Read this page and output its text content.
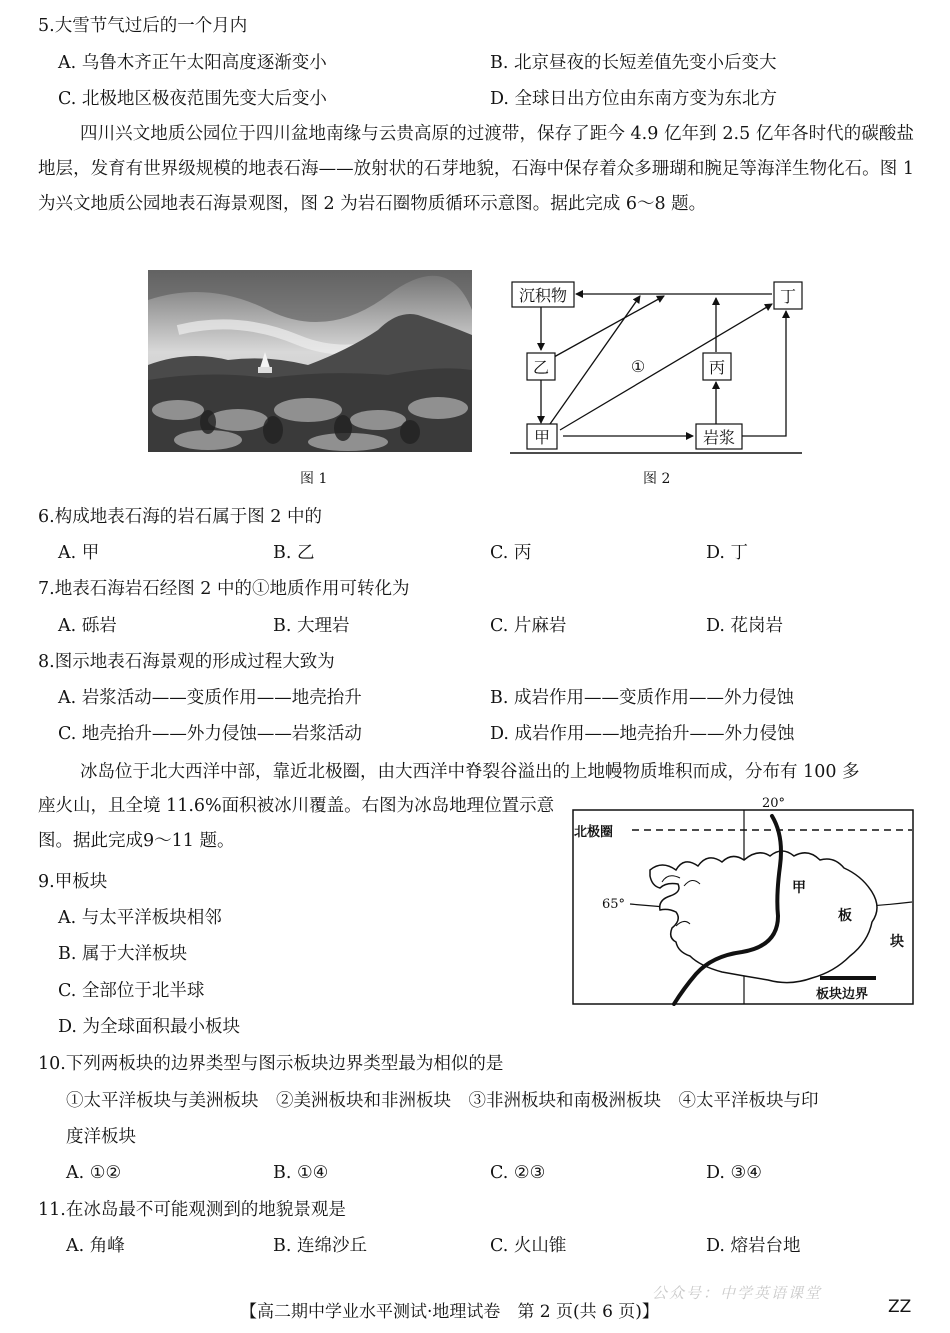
5.大雪节气过后的一个月内
A. 乌鲁木齐正午太阳高度逐渐变小	B. 北京昼夜的长短差值先变小后变大
C. 北极地区极夜范围先变大后变小	D. 全球日出方位由东南方变为东北方
四川兴文地质公园位于四川盆地南缘与云贵高原的过渡带，保存了距今 4.9 亿年到 2.5 亿年各时代的碳酸盐地层，发育有世界级规模的地表石海——放射状的石芽地貌，石海中保存着众多珊瑚和腕足等海洋生物化石。图 1 为兴文地质公园地表石海景观图，图 2 为岩石圈物质循环示意图。据此完成 6～8 题。
图 1
沉积物
乙
甲
丙
丁
岩浆
①
图 2
6.构成地表石海的岩石属于图 2 中的
A. 甲	B. 乙	C. 丙	D. 丁
7.地表石海岩石经图 2 中的①地质作用可转化为
A. 砾岩	B. 大理岩	C. 片麻岩	D. 花岗岩
8.图示地表石海景观的形成过程大致为
A. 岩浆活动——变质作用——地壳抬升	B. 成岩作用——变质作用——外力侵蚀
C. 地壳抬升——外力侵蚀——岩浆活动	D. 成岩作用——地壳抬升——外力侵蚀
冰岛位于北大西洋中部，靠近北极圈，由大西洋中脊裂谷溢出的上地幔物质堆积而成，分布有 100 多
座火山，且全境 11.6%面积被冰川覆盖。右图为冰岛地理位置示意图。据此完成9～11 题。
20°
北极圈
65°
甲
板
块
板块边界
9.甲板块
A. 与太平洋板块相邻
B. 属于大洋板块
C. 全部位于北半球
D. 为全球面积最小板块
10.下列两板块的边界类型与图示板块边界类型最为相似的是
①太平洋板块与美洲板块　②美洲板块和非洲板块　③非洲板块和南极洲板块　④太平洋板块与印
度洋板块
A. ①②	B. ①④	C. ②③	D. ③④
11.在冰岛最不可能观测到的地貌景观是
A. 角峰	B. 连绵沙丘	C. 火山锥	D. 熔岩台地
公众号：中学英语课堂
【高二期中学业水平测试·地理试卷　第 2 页(共 6 页)】	ZZ
